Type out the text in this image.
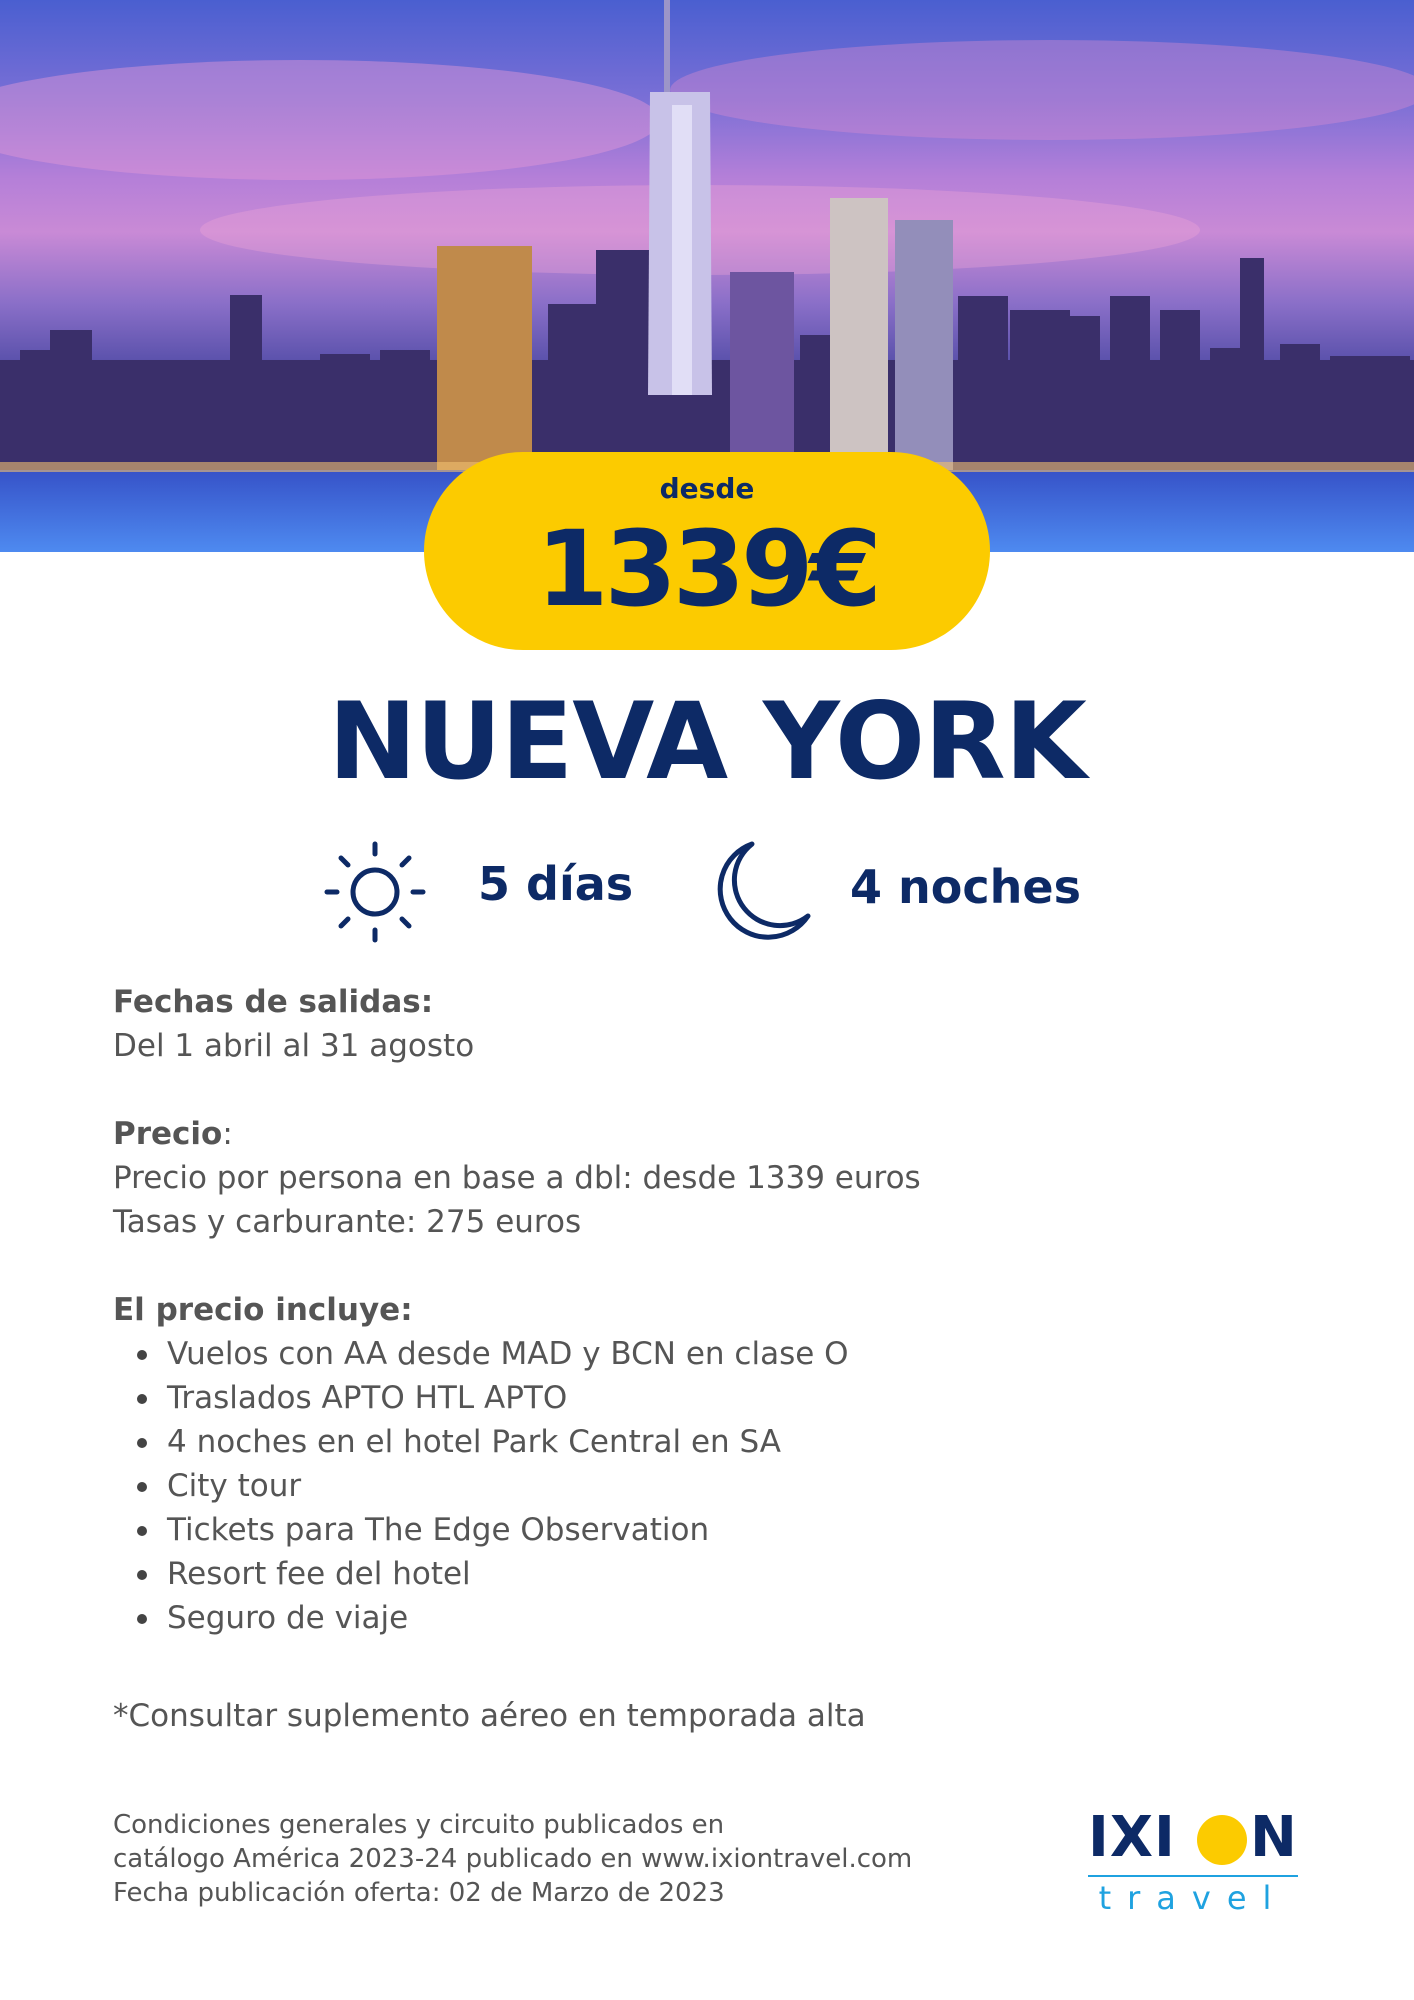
desde
1339€
NUEVA YORK
5 días	4 noches
Fechas de salidas:
Del 1 abril al 31 agosto
Precio:
Precio por persona en base a dbl: desde 1339 euros
Tasas y carburante: 275 euros
El precio incluye:
Vuelos con AA desde MAD y BCN en clase O
Traslados APTO HTL APTO
4 noches en el hotel Park Central en SA
City tour
Tickets para The Edge Observation
Resort fee del hotel
Seguro de viaje
*Consultar suplemento aéreo en temporada alta
Condiciones generales y circuito publicados en
catálogo América 2023-24 publicado en www.ixiontravel.com
Fecha publicación oferta: 02 de Marzo de 2023
IXI N
travel
